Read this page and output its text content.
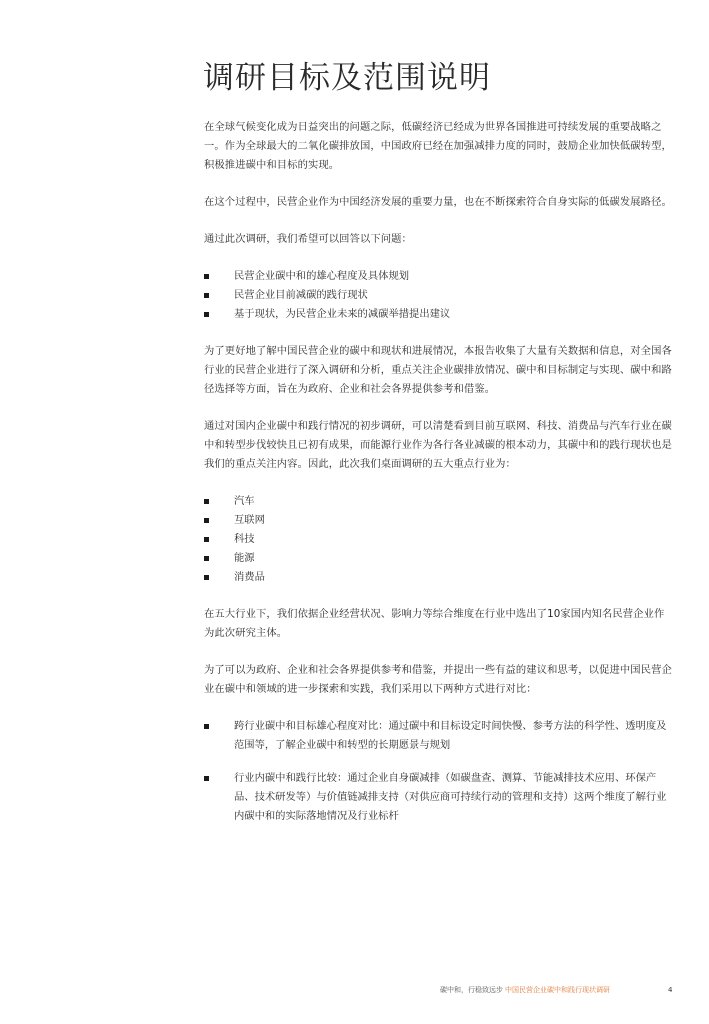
调研目标及范围说明

在全球气候变化成为日益突出的问题之际，低碳经济已经成为世界各国推进可持续发展的重要战略之一。作为全球最大的二氧化碳排放国，中国政府已经在加强减排力度的同时，鼓励企业加快低碳转型，积极推进碳中和目标的实现。

在这个过程中，民营企业作为中国经济发展的重要力量，也在不断探索符合自身实际的低碳发展路径。

通过此次调研，我们希望可以回答以下问题：

民营企业碳中和的雄心程度及具体规划
民营企业目前减碳的践行现状
基于现状，为民营企业未来的减碳举措提出建议

为了更好地了解中国民营企业的碳中和现状和进展情况，本报告收集了大量有关数据和信息，对全国各行业的民营企业进行了深入调研和分析，重点关注企业碳排放情况、碳中和目标制定与实现、碳中和路径选择等方面，旨在为政府、企业和社会各界提供参考和借鉴。

通过对国内企业碳中和践行情况的初步调研，可以清楚看到目前互联网、科技、消费品与汽车行业在碳中和转型步伐较快且已初有成果，而能源行业作为各行各业减碳的根本动力，其碳中和的践行现状也是我们的重点关注内容。因此，此次我们桌面调研的五大重点行业为：

汽车
互联网
科技
能源
消费品

在五大行业下，我们依据企业经营状况、影响力等综合维度在行业中选出了10家国内知名民营企业作为此次研究主体。

为了可以为政府、企业和社会各界提供参考和借鉴，并提出一些有益的建议和思考，以促进中国民营企业在碳中和领域的进一步探索和实践，我们采用以下两种方式进行对比：

跨行业碳中和目标雄心程度对比：通过碳中和目标设定时间快慢、参考方法的科学性、透明度及范围等，了解企业碳中和转型的长期愿景与规划
行业内碳中和践行比较：通过企业自身碳减排（如碳盘查、测算、节能减排技术应用、环保产品、技术研发等）与价值链减排支持（对供应商可持续行动的管理和支持）这两个维度了解行业内碳中和的实际落地情况及行业标杆
碳中和，行稳致远步 中国民营企业碳中和践行现状调研	4
